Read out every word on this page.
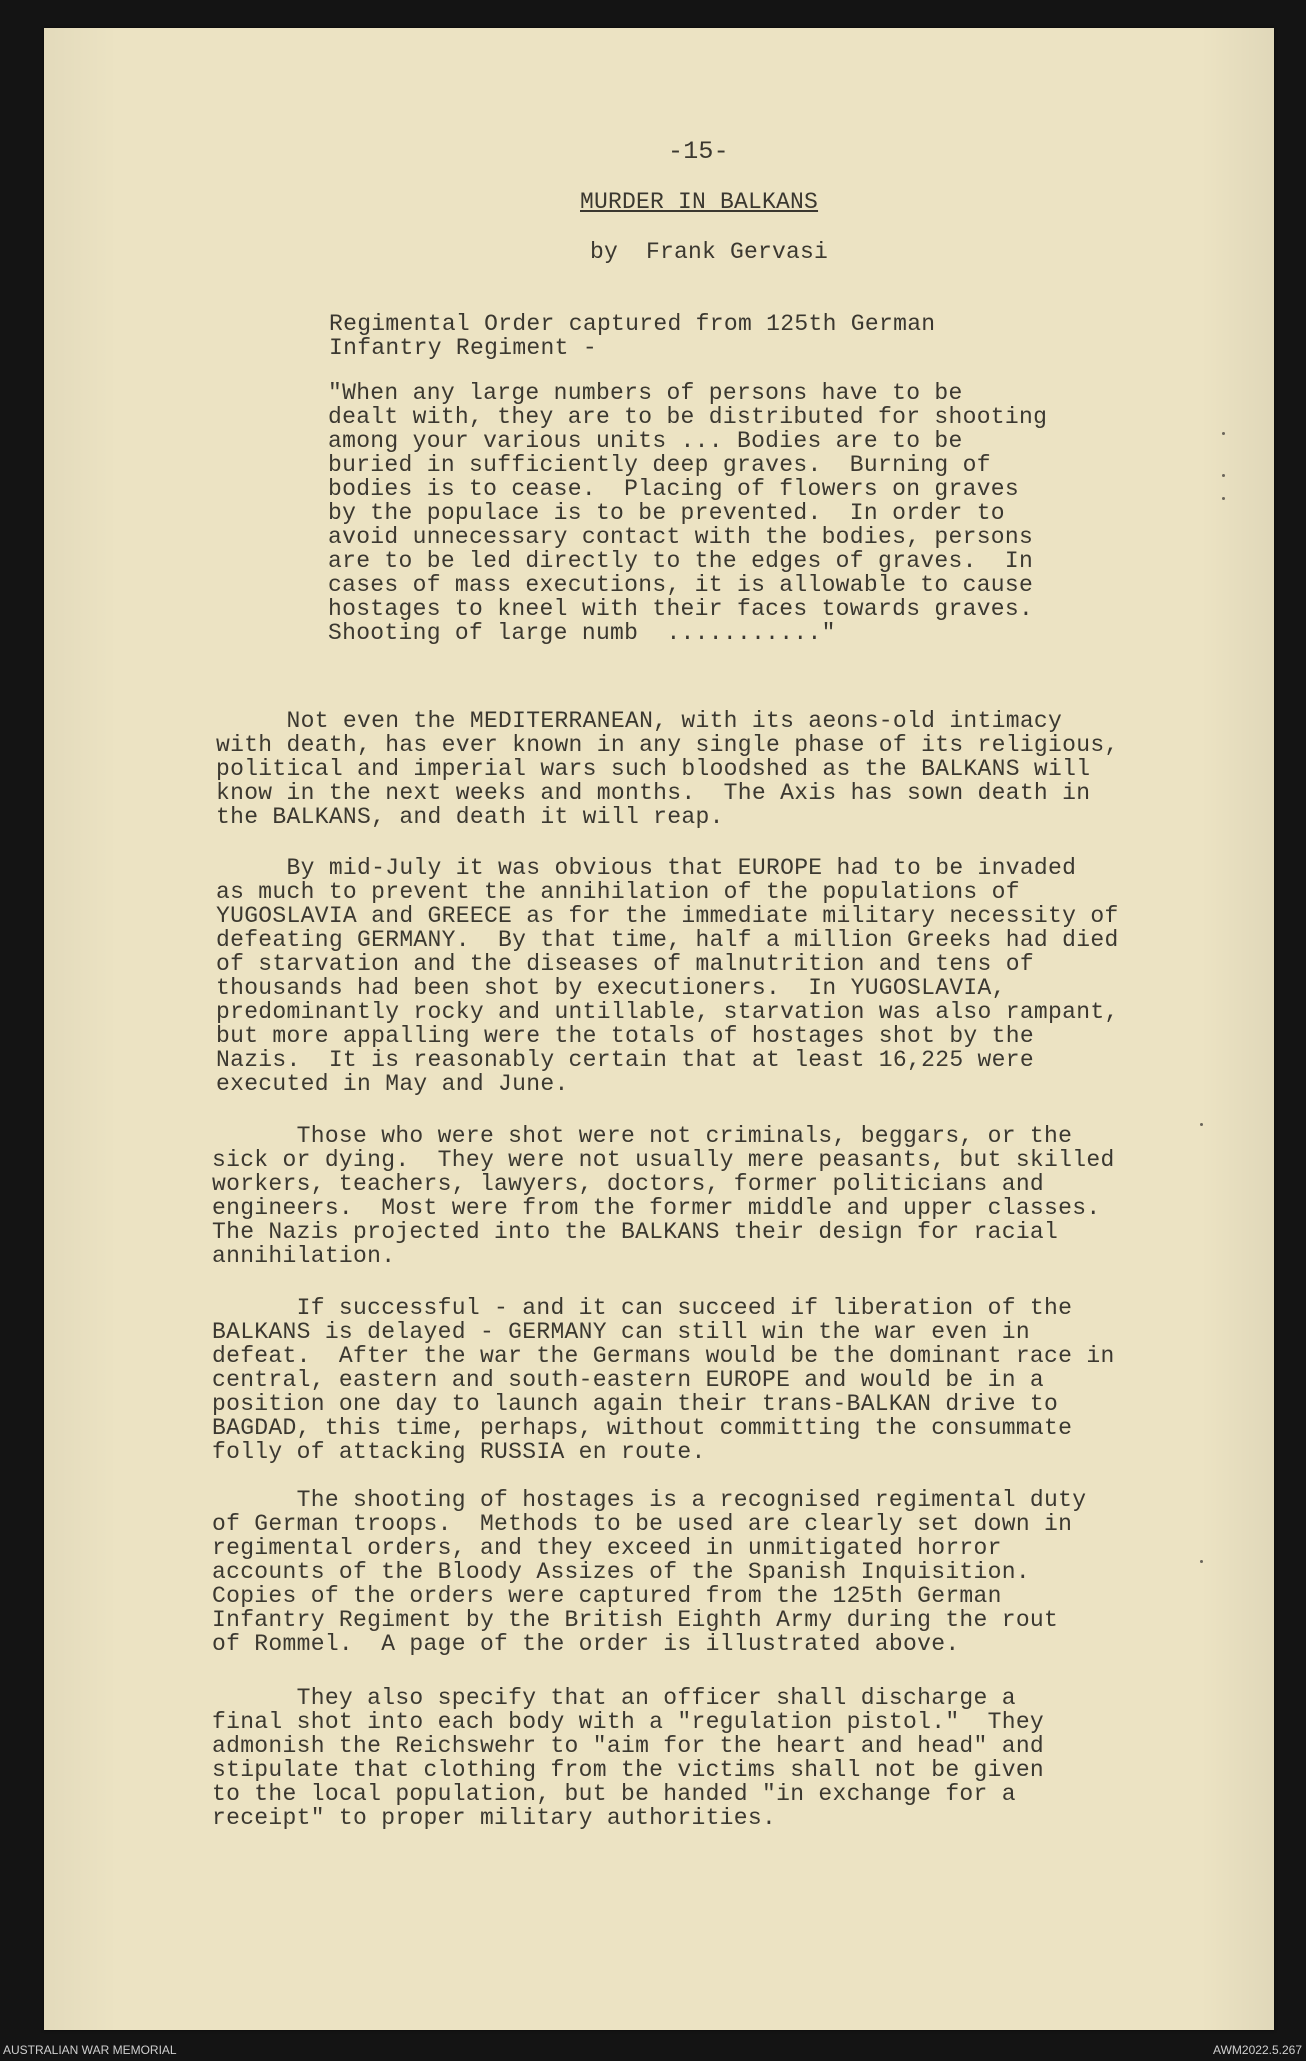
-15-
MURDER IN BALKANS
by  Frank Gervasi
Regimental Order captured from 125th German
Infantry Regiment -
"When any large numbers of persons have to be
dealt with, they are to be distributed for shooting
among your various units ... Bodies are to be
buried in sufficiently deep graves.  Burning of
bodies is to cease.  Placing of flowers on graves
by the populace is to be prevented.  In order to
avoid unnecessary contact with the bodies, persons
are to be led directly to the edges of graves.  In
cases of mass executions, it is allowable to cause
hostages to kneel with their faces towards graves.
Shooting of large numb  ..........."
Not even the MEDITERRANEAN, with its aeons-old intimacy
with death, has ever known in any single phase of its religious,
political and imperial wars such bloodshed as the BALKANS will
know in the next weeks and months.  The Axis has sown death in
the BALKANS, and death it will reap.
By mid-July it was obvious that EUROPE had to be invaded
as much to prevent the annihilation of the populations of
YUGOSLAVIA and GREECE as for the immediate military necessity of
defeating GERMANY.  By that time, half a million Greeks had died
of starvation and the diseases of malnutrition and tens of
thousands had been shot by executioners.  In YUGOSLAVIA,
predominantly rocky and untillable, starvation was also rampant,
but more appalling were the totals of hostages shot by the
Nazis.  It is reasonably certain that at least 16,225 were
executed in May and June.
Those who were shot were not criminals, beggars, or the
sick or dying.  They were not usually mere peasants, but skilled
workers, teachers, lawyers, doctors, former politicians and
engineers.  Most were from the former middle and upper classes.
The Nazis projected into the BALKANS their design for racial
annihilation.
If successful - and it can succeed if liberation of the
BALKANS is delayed - GERMANY can still win the war even in
defeat.  After the war the Germans would be the dominant race in
central, eastern and south-eastern EUROPE and would be in a
position one day to launch again their trans-BALKAN drive to
BAGDAD, this time, perhaps, without committing the consummate
folly of attacking RUSSIA en route.
The shooting of hostages is a recognised regimental duty
of German troops.  Methods to be used are clearly set down in
regimental orders, and they exceed in unmitigated horror
accounts of the Bloody Assizes of the Spanish Inquisition.
Copies of the orders were captured from the 125th German
Infantry Regiment by the British Eighth Army during the rout
of Rommel.  A page of the order is illustrated above.
They also specify that an officer shall discharge a
final shot into each body with a "regulation pistol."  They
admonish the Reichswehr to "aim for the heart and head" and
stipulate that clothing from the victims shall not be given
to the local population, but be handed "in exchange for a
receipt" to proper military authorities.
AUSTRALIAN WAR MEMORIAL	AWM2022.5.267
